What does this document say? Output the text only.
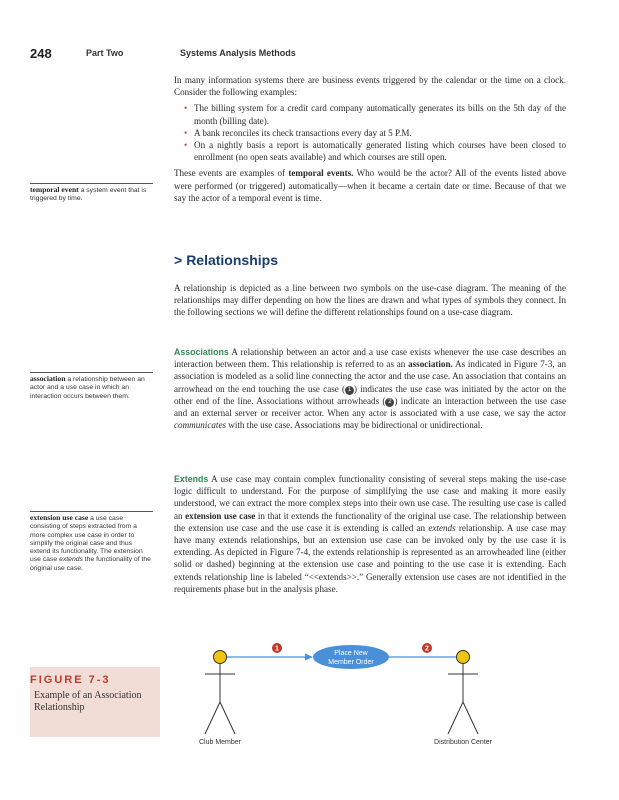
248	Part Two	Systems Analysis Methods

In many information systems there are business events triggered by the calendar or the time on a clock. Consider the following examples:

• The billing system for a credit card company automatically generates its bills on the 5th day of the month (billing date).
• A bank reconciles its check transactions every day at 5 P.M.
• On a nightly basis a report is automatically generated listing which courses have been closed to enrollment (no open seats available) and which courses are still open.

These events are examples of temporal events. Who would be the actor? All of the events listed above were performed (or triggered) automatically—when it became a certain date or time. Because of that we say the actor of a temporal event is time.

temporal event a system event that is triggered by time.
> Relationships

A relationship is depicted as a line between two symbols on the use-case diagram. The meaning of the relationships may differ depending on how the lines are drawn and what types of symbols they connect. In the following sections we will define the different relationships found on a use-case diagram.

Associations A relationship between an actor and a use case exists whenever the use case describes an interaction between them. This relationship is referred to as an association. As indicated in Figure 7-3, an association is modeled as a solid line connecting the actor and the use case. An association that contains an arrowhead on the end touching the use case ( 1 ) indicates the use case was initiated by the actor on the other end of the line. Associations without arrowheads ( 2 ) indicate an interaction between the use case and an external server or receiver actor. When any actor is associated with a use case, we say the actor communicates with the use case. Associations may be bidirectional or unidirectional.

association a relationship between an actor and a use case in which an interaction occurs between them.

Extends A use case may contain complex functionality consisting of several steps making the use-case logic difficult to understand. For the purpose of simplifying the use case and making it more easily understood, we can extract the more complex steps into their own use case. The resulting use case is called an extension use case in that it extends the functionality of the original use case. The relationship between the extension use case and the use case it is extending is called an extends relationship. A use case may have many extends relationships, but an extension use case can be invoked only by the use case it is extending. As depicted in Figure 7-4, the extends relationship is represented as an arrowheaded line (either solid or dashed) beginning at the extension use case and pointing to the use case it is extending. Each extends relationship line is labeled “<<extends>>.” Generally extension use cases are not identified in the requirements phase but in the analysis phase.

extension use case a use case consisting of steps extracted from a more complex use case in order to simplify the original case and thus extend its functionality. The extension use case extends the functionality of the original use case.
FIGURE 7-3
Example of an Association Relationship
Place New
Member Order
1	2
Club Member	Distribution Center
